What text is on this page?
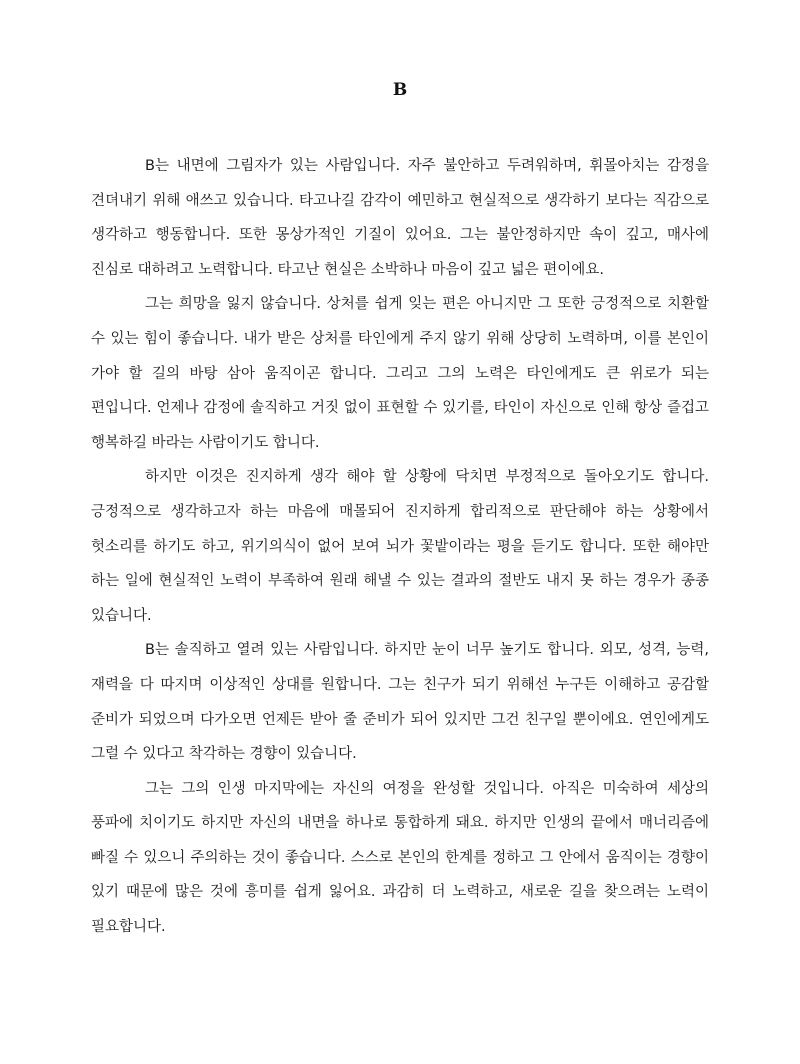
B

B는 내면에 그림자가 있는 사람입니다. 자주 불안하고 두려워하며, 휘몰아치는 감정을 견뎌내기 위해 애쓰고 있습니다. 타고나길 감각이 예민하고 현실적으로 생각하기 보다는 직감으로 생각하고 행동합니다. 또한 몽상가적인 기질이 있어요. 그는 불안정하지만 속이 깊고, 매사에 진심로 대하려고 노력합니다. 타고난 현실은 소박하나 마음이 깊고 넓은 편이에요.

그는 희망을 잃지 않습니다. 상처를 쉽게 잊는 편은 아니지만 그 또한 긍정적으로 치환할 수 있는 힘이 좋습니다. 내가 받은 상처를 타인에게 주지 않기 위해 상당히 노력하며, 이를 본인이 가야 할 길의 바탕 삼아 움직이곤 합니다. 그리고 그의 노력은 타인에게도 큰 위로가 되는 편입니다. 언제나 감정에 솔직하고 거짓 없이 표현할 수 있기를, 타인이 자신으로 인해 항상 즐겁고 행복하길 바라는 사람이기도 합니다.

하지만 이것은 진지하게 생각 해야 할 상황에 닥치면 부정적으로 돌아오기도 합니다. 긍정적으로 생각하고자 하는 마음에 매몰되어 진지하게 합리적으로 판단해야 하는 상황에서 헛소리를 하기도 하고, 위기의식이 없어 보여 뇌가 꽃밭이라는 평을 듣기도 합니다. 또한 해야만 하는 일에 현실적인 노력이 부족하여 원래 해낼 수 있는 결과의 절반도 내지 못 하는 경우가 종종 있습니다.

B는 솔직하고 열려 있는 사람입니다. 하지만 눈이 너무 높기도 합니다. 외모, 성격, 능력, 재력을 다 따지며 이상적인 상대를 원합니다. 그는 친구가 되기 위해선 누구든 이해하고 공감할 준비가 되었으며 다가오면 언제든 받아 줄 준비가 되어 있지만 그건 친구일 뿐이에요. 연인에게도 그럴 수 있다고 착각하는 경향이 있습니다.

그는 그의 인생 마지막에는 자신의 여정을 완성할 것입니다. 아직은 미숙하여 세상의 풍파에 치이기도 하지만 자신의 내면을 하나로 통합하게 돼요. 하지만 인생의 끝에서 매너리즘에 빠질 수 있으니 주의하는 것이 좋습니다. 스스로 본인의 한계를 정하고 그 안에서 움직이는 경향이 있기 때문에 많은 것에 흥미를 쉽게 잃어요. 과감히 더 노력하고, 새로운 길을 찾으려는 노력이 필요합니다.
